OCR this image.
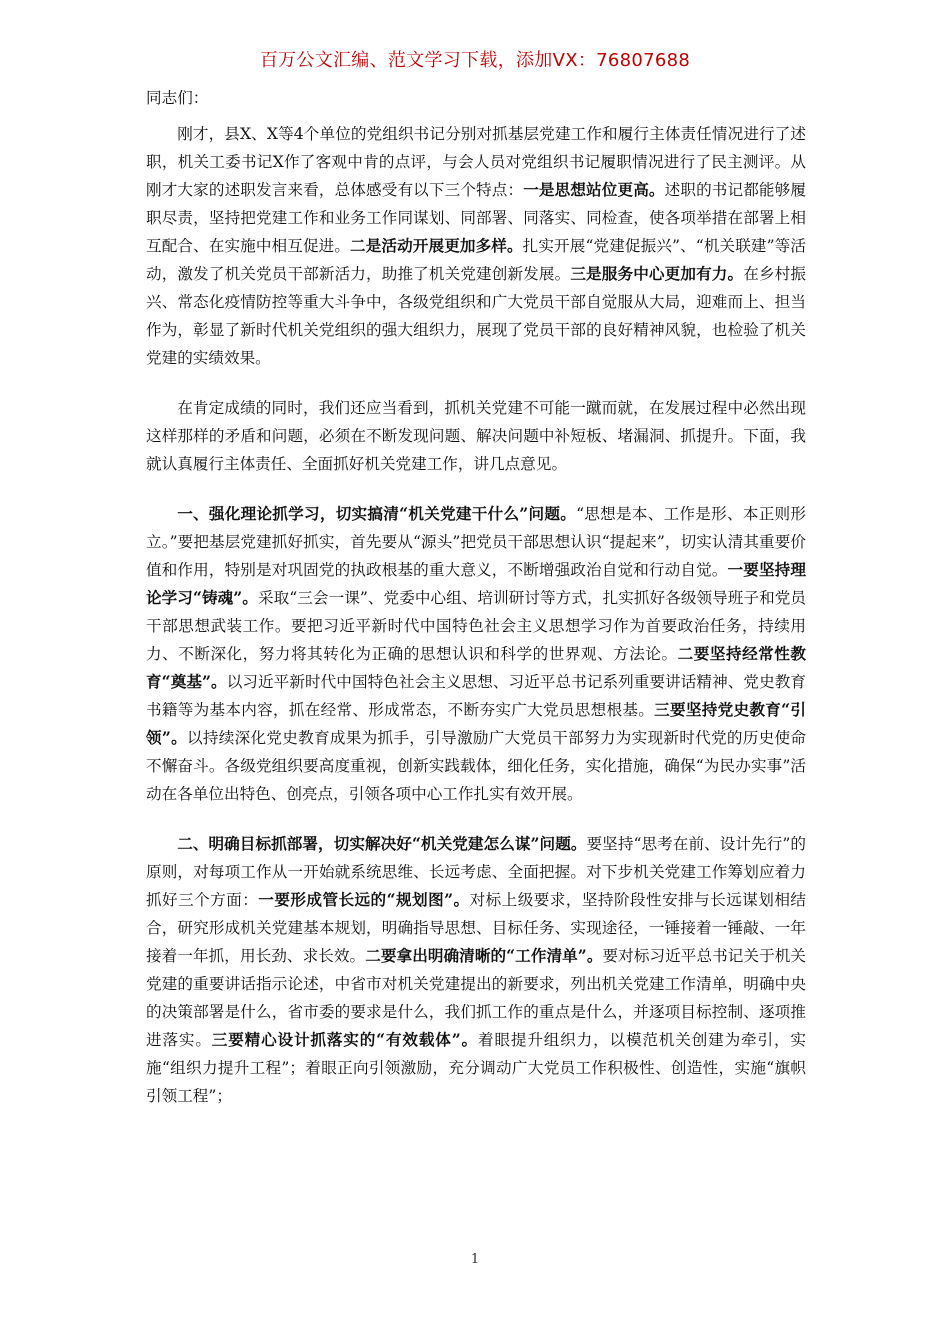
百万公文汇编、范文学习下载，添加VX：76807688

同志们：

刚才，县X、X等4个单位的党组织书记分别对抓基层党建工作和履行主体责任情况进行了述职，机关工委书记X作了客观中肯的点评，与会人员对党组织书记履职情况进行了民主测评。从刚才大家的述职发言来看，总体感受有以下三个特点：一是思想站位更高。述职的书记都能够履职尽责，坚持把党建工作和业务工作同谋划、同部署、同落实、同检查，使各项举措在部署上相互配合、在实施中相互促进。二是活动开展更加多样。扎实开展“党建促振兴”、“机关联建”等活动，激发了机关党员干部新活力，助推了机关党建创新发展。三是服务中心更加有力。在乡村振兴、常态化疫情防控等重大斗争中，各级党组织和广大党员干部自觉服从大局，迎难而上、担当作为，彰显了新时代机关党组织的强大组织力，展现了党员干部的良好精神风貌，也检验了机关党建的实绩效果。

在肯定成绩的同时，我们还应当看到，抓机关党建不可能一蹴而就，在发展过程中必然出现这样那样的矛盾和问题，必须在不断发现问题、解决问题中补短板、堵漏洞、抓提升。下面，我就认真履行主体责任、全面抓好机关党建工作，讲几点意见。

一、强化理论抓学习，切实搞清“机关党建干什么”问题。“思想是本、工作是形、本正则形立。”要把基层党建抓好抓实，首先要从“源头”把党员干部思想认识“提起来”，切实认清其重要价值和作用，特别是对巩固党的执政根基的重大意义，不断增强政治自觉和行动自觉。一要坚持理论学习“铸魂”。采取“三会一课”、党委中心组、培训研讨等方式，扎实抓好各级领导班子和党员干部思想武装工作。要把习近平新时代中国特色社会主义思想学习作为首要政治任务，持续用力、不断深化，努力将其转化为正确的思想认识和科学的世界观、方法论。二要坚持经常性教育“奠基”。以习近平新时代中国特色社会主义思想、习近平总书记系列重要讲话精神、党史教育书籍等为基本内容，抓在经常、形成常态，不断夯实广大党员思想根基。三要坚持党史教育“引领”。以持续深化党史教育成果为抓手，引导激励广大党员干部努力为实现新时代党的历史使命不懈奋斗。各级党组织要高度重视，创新实践载体，细化任务，实化措施，确保“为民办实事”活动在各单位出特色、创亮点，引领各项中心工作扎实有效开展。

二、明确目标抓部署，切实解决好“机关党建怎么谋”问题。要坚持“思考在前、设计先行”的原则，对每项工作从一开始就系统思维、长远考虑、全面把握。对下步机关党建工作筹划应着力抓好三个方面：一要形成管长远的“规划图”。对标上级要求，坚持阶段性安排与长远谋划相结合，研究形成机关党建基本规划，明确指导思想、目标任务、实现途径，一锤接着一锤敲、一年接着一年抓，用长劲、求长效。二要拿出明确清晰的“工作清单”。要对标习近平总书记关于机关党建的重要讲话指示论述，中省市对机关党建提出的新要求，列出机关党建工作清单，明确中央的决策部署是什么，省市委的要求是什么，我们抓工作的重点是什么，并逐项目标控制、逐项推进落实。三要精心设计抓落实的“有效载体”。着眼提升组织力，以模范机关创建为牵引，实施“组织力提升工程”；着眼正向引领激励，充分调动广大党员工作积极性、创造性，实施“旗帜引领工程”；

1
